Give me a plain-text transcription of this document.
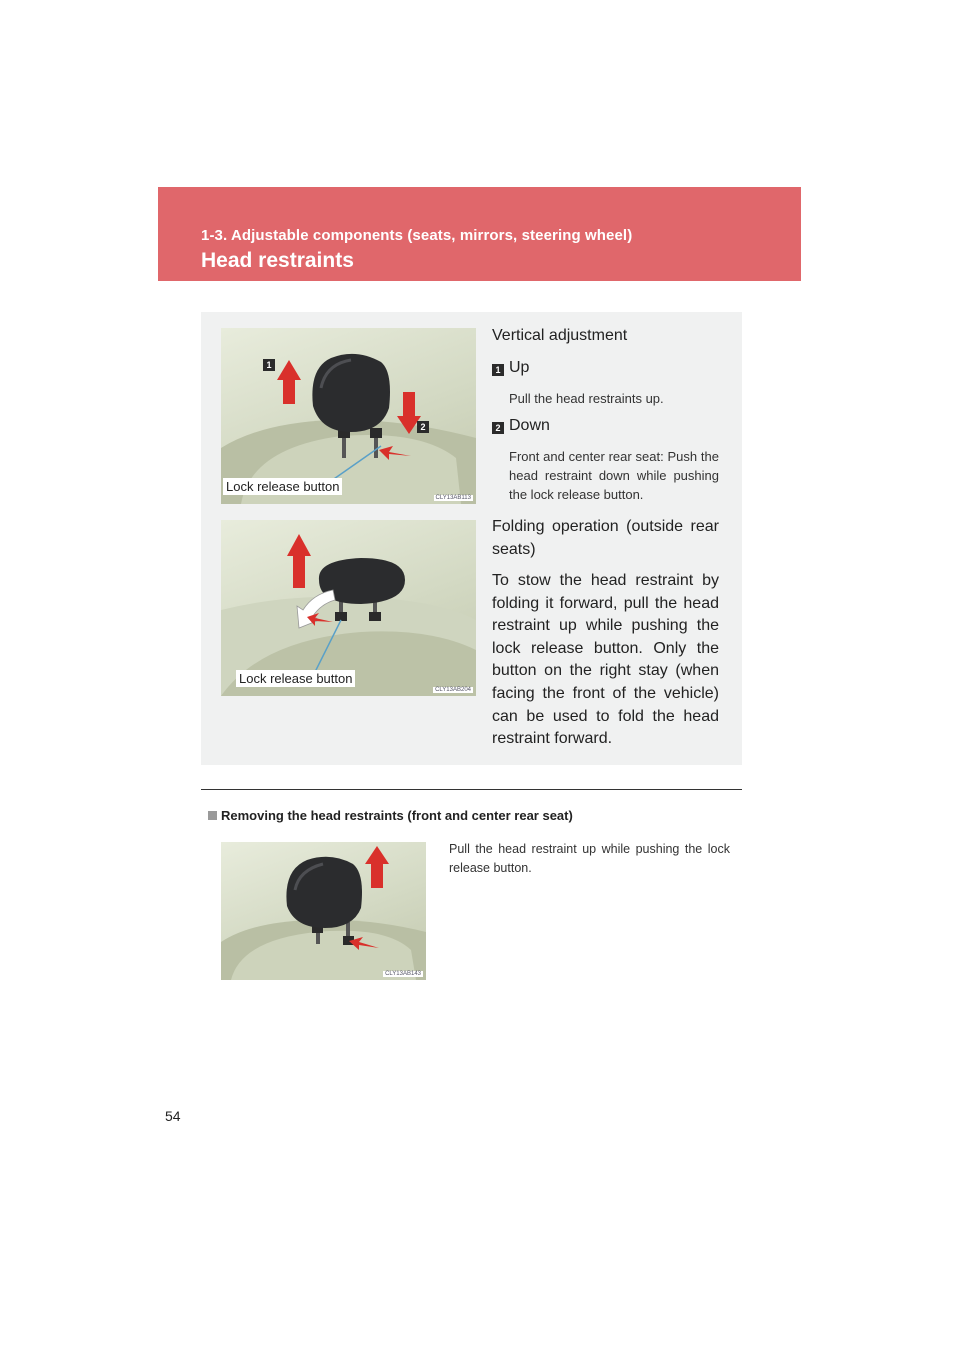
1-3. Adjustable components (seats, mirrors, steering wheel)
Head restraints
1
2
Lock release button
CLY13AB113
Lock release button
CLY13AB204
Vertical adjustment
1 Up
Pull the head restraints up.
2 Down
Front and center rear seat: Push the head restraint down while pushing the lock release button.
Folding operation (outside rear seats)
To stow the head restraint by folding it forward, pull the head restraint up while pushing the lock release button. Only the button on the right stay (when facing the front of the vehicle) can be used to fold the head restraint forward.
Removing the head restraints (front and center rear seat)
CLY13AB143
Pull the head restraint up while pushing the lock release button.
54
